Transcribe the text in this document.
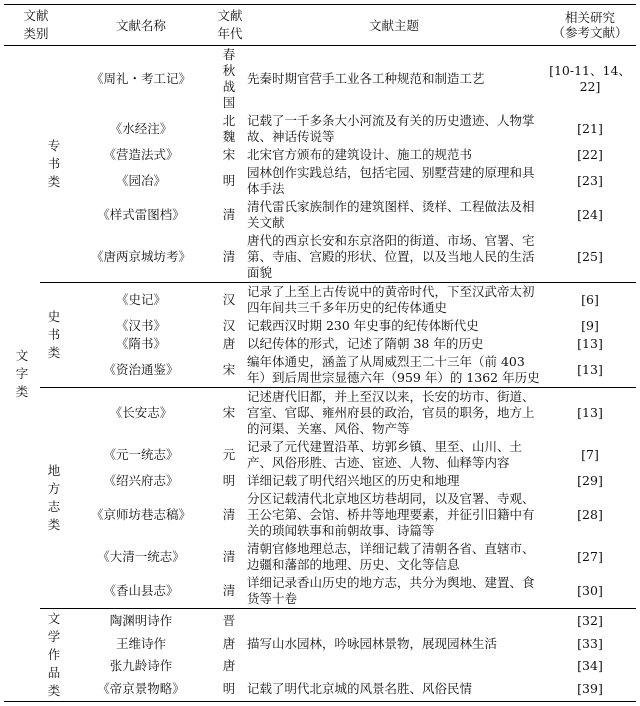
文献类别		文献名称	文献年代	文献主题	相关研究
（参考文献）

文字类	专书类	《周礼・考工记》	春秋战国	先秦时期官营手工业各工种规范和制造工艺	[10-11、14、22]
		《水经注》	北魏	记载了一千多条大小河流及有关的历史遗迹、人物掌故、神话传说等	[21]
		《营造法式》	宋	北宋官方颁布的建筑设计、施工的规范书	[22]
		《园冶》	明	园林创作实践总结，包括宅园、别墅营建的原理和具体手法	[23]
		《样式雷图档》	清	清代雷氏家族制作的建筑图样、烫样、工程做法及相关文献	[24]
		《唐两京城坊考》	清	唐代的西京长安和东京洛阳的街道、市场、官署、宅第、寺庙、宫殿的形状、位置，以及当地人民的生活面貌	[25]
	史书类	《史记》	汉	记录了上至上古传说中的黄帝时代，下至汉武帝太初四年间共三千多年历史的纪传体通史	[6]
		《汉书》	汉	记载西汉时期 230 年史事的纪传体断代史	[9]
		《隋书》	唐	以纪传体的形式，记述了隋朝 38 年的历史	[13]
		《资治通鉴》	宋	编年体通史，涵盖了从周威烈王二十三年（前 403 年）到后周世宗显德六年（959 年）的 1362 年历史	[13]
	地方志类	《长安志》	宋	记述唐代旧都，并上至汉以来，长安的坊市、街道、宫室、官邸、雍州府县的政治，官员的职务，地方上的河渠、关塞、风俗、物产等	[13]
		《元一统志》	元	记录了元代建置沿革、坊郭乡镇、里至、山川、土产、风俗形胜、古迹、宦迹、人物、仙释等内容	[7]
		《绍兴府志》	明	详细记载了明代绍兴地区的历史和地理	[29]
		《京师坊巷志稿》	清	分区记载清代北京地区坊巷胡同，以及官署、寺观、王公宅第、会馆、桥井等地理要素，并征引旧籍中有关的琐闻轶事和前朝故事、诗篇等	[28]
		《大清一统志》	清	清朝官修地理总志，详细记载了清朝各省、直辖市、边疆和藩部的地理、历史、文化等信息	[27]
		《香山县志》	清	详细记录香山历史的地方志，共分为舆地、建置、食货等十卷	[30]
	文学作品类	陶渊明诗作	晋		[32]
		王维诗作	唐	描写山水园林，吟咏园林景物，展现园林生活	[33]
		张九龄诗作	唐		[34]
		《帝京景物略》	明	记载了明代北京城的风景名胜、风俗民情	[39]
